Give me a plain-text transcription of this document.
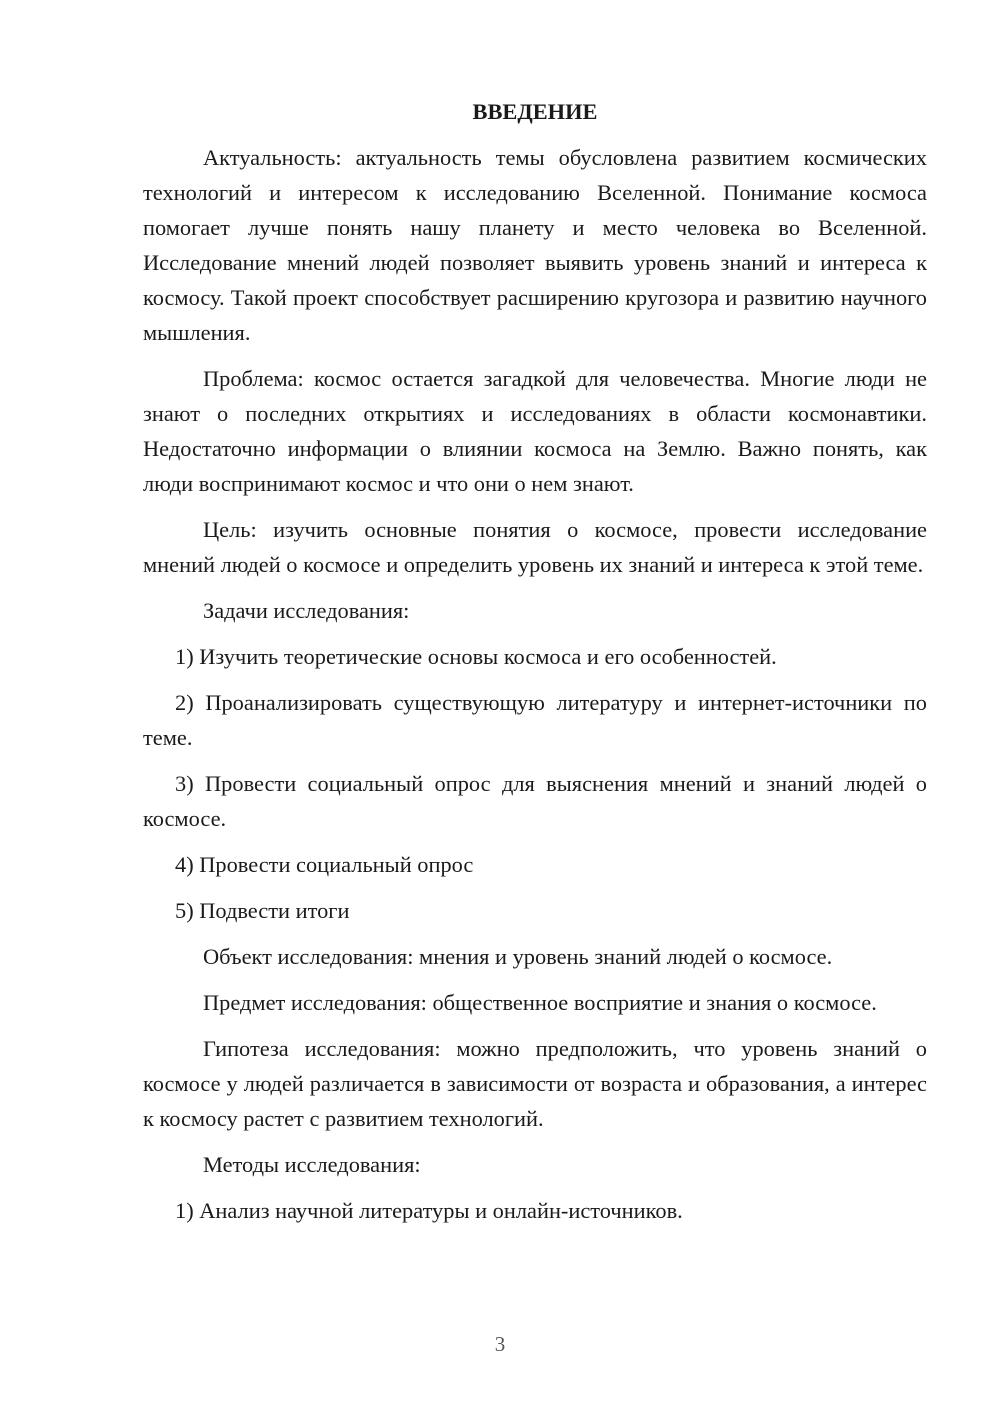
ВВЕДЕНИЕ

Актуальность: актуальность темы обусловлена развитием космических технологий и интересом к исследованию Вселенной. Понимание космоса помогает лучше понять нашу планету и место человека во Вселенной. Исследование мнений людей позволяет выявить уровень знаний и интереса к космосу. Такой проект способствует расширению кругозора и развитию научного мышления.

Проблема: космос остается загадкой для человечества. Многие люди не знают о последних открытиях и исследованиях в области космонавтики. Недостаточно информации о влиянии космоса на Землю. Важно понять, как люди воспринимают космос и что они о нем знают.

Цель: изучить основные понятия о космосе, провести исследование мнений людей о космосе и определить уровень их знаний и интереса к этой теме.

Задачи исследования:

1) Изучить теоретические основы космоса и его особенностей.

2) Проанализировать существующую литературу и интернет-источники по теме.

3) Провести социальный опрос для выяснения мнений и знаний людей о космосе.

4) Провести социальный опрос

5) Подвести итоги

Объект исследования: мнения и уровень знаний людей о космосе.

Предмет исследования: общественное восприятие и знания о космосе.

Гипотеза исследования: можно предположить, что уровень знаний о космосе у людей различается в зависимости от возраста и образования, а интерес к космосу растет с развитием технологий.

Методы исследования:

1) Анализ научной литературы и онлайн-источников.

3
